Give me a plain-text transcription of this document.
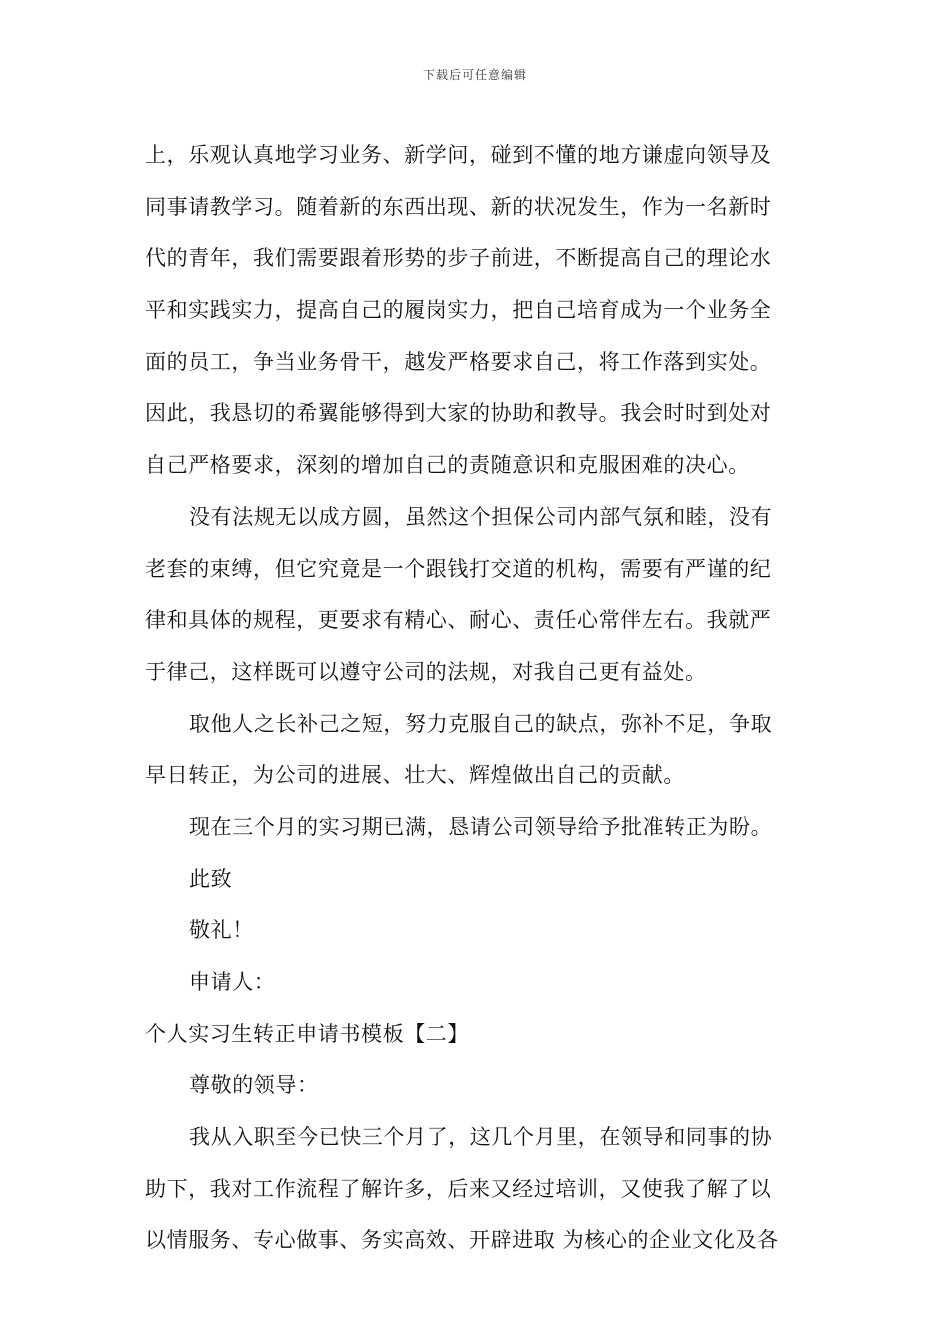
下载后可任意编辑
上，乐观认真地学习业务、新学问，碰到不懂的地方谦虚向领导及
同事请教学习。随着新的东西出现、新的状况发生，作为一名新时
代的青年，我们需要跟着形势的步子前进，不断提高自己的理论水
平和实践实力，提高自己的履岗实力，把自己培育成为一个业务全
面的员工，争当业务骨干，越发严格要求自己，将工作落到实处。
因此，我恳切的希翼能够得到大家的协助和教导。我会时时到处对
自己严格要求，深刻的增加自己的责随意识和克服困难的决心。
没有法规无以成方圆，虽然这个担保公司内部气氛和睦，没有
老套的束缚，但它究竟是一个跟钱打交道的机构，需要有严谨的纪
律和具体的规程，更要求有精心、耐心、责任心常伴左右。我就严
于律己，这样既可以遵守公司的法规，对我自己更有益处。
取他人之长补己之短，努力克服自己的缺点，弥补不足，争取
早日转正，为公司的进展、壮大、辉煌做出自己的贡献。
现在三个月的实习期已满，恳请公司领导给予批准转正为盼。
此致
敬礼！
申请人：
个人实习生转正申请书模板【二】
尊敬的领导：
我从入职至今已快三个月了，这几个月里，在领导和同事的协
助下，我对工作流程了解许多，后来又经过培训，又使我了解了以
以情服务、专心做事、务实高效、开辟进取 为核心的企业文化及各
